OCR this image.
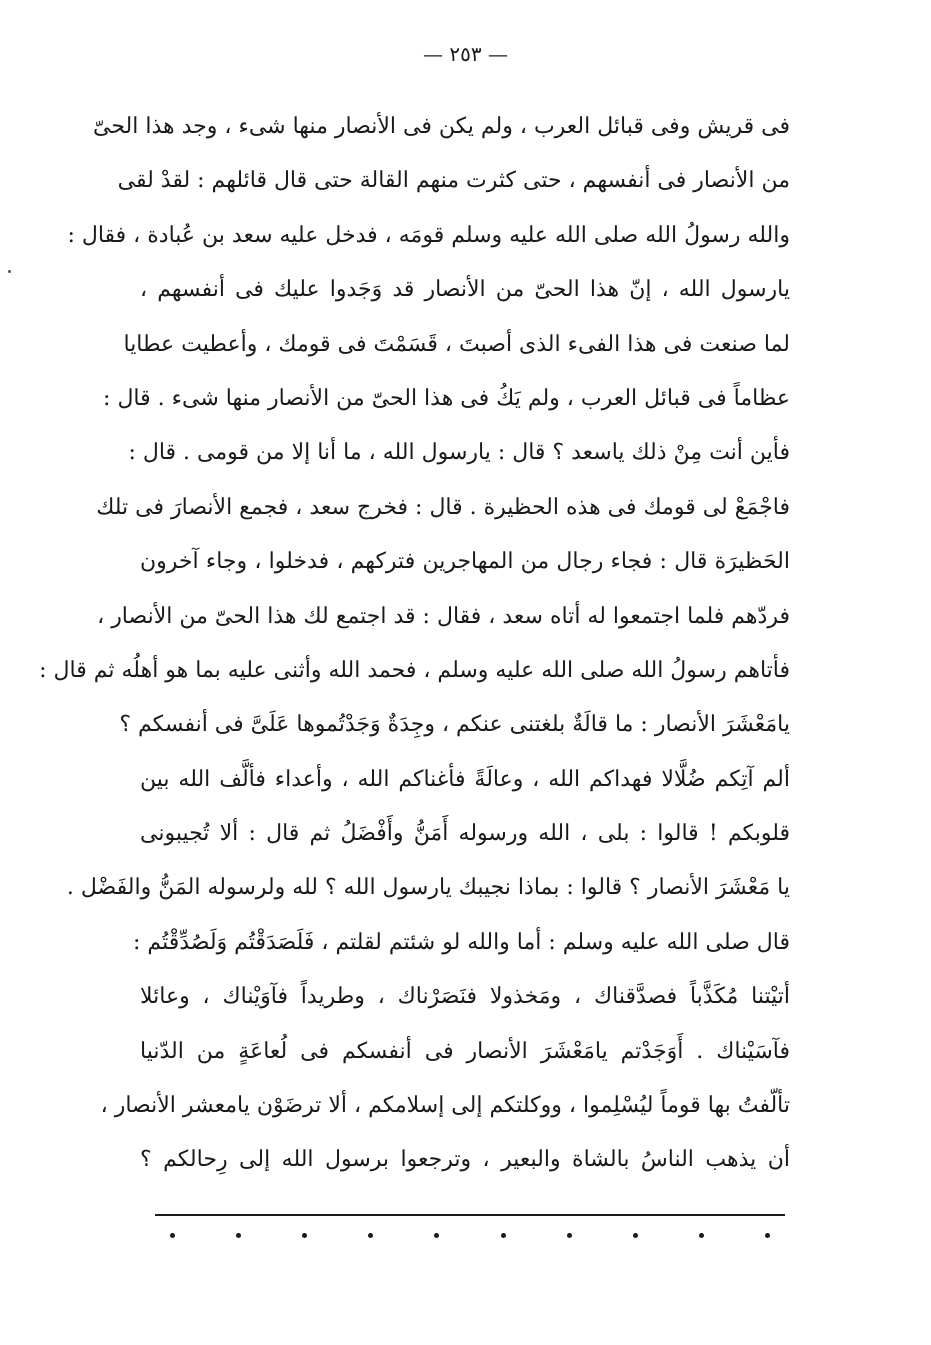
— ٢٥٣ —
فى قريش وفى قبائل العرب ، ولم يكن فى الأنصار منها شىء ، وجد هذا الحىّ
من الأنصار فى أنفسهم ، حتى كثرت منهم القالة حتى قال قائلهم : لقدْ لقى
والله رسولُ الله صلى الله عليه وسلم قومَه ، فدخل عليه سعد بن عُبادة ، فقال :
يارسول الله ، إنّ هذا الحىّ من الأنصار قد وَجَدوا عليك فى أنفسهم ،
لما صنعت فى هذا الفىء الذى أصبتَ ، قَسَمْتَ فى قومك ، وأعطيت عطايا
عظاماً فى قبائل العرب ، ولم يَكُ فى هذا الحىّ من الأنصار منها شىء . قال :
فأين أنت مِنْ ذلك ياسعد ؟ قال : يارسول الله ، ما أنا إلا من قومى . قال :
فاجْمَعْ لى قومك فى هذه الحظيرة . قال : فخرج سعد ، فجمع الأنصارَ فى تلك
الحَظيرَة قال : فجاء رجال من المهاجرين فتركهم ، فدخلوا ، وجاء آخرون
فردّهم فلما اجتمعوا له أتاه سعد ، فقال : قد اجتمع لك هذا الحىّ من الأنصار ،
فأتاهم رسولُ الله صلى الله عليه وسلم ، فحمد الله وأثنى عليه بما هو أهلُه ثم قال :
يامَعْشَرَ الأنصار : ما قالَةٌ بلغتنى عنكم ، وجِدَةٌ وَجَدْتُموها عَلَىَّ فى أنفسكم ؟
ألم آتِكم ضُلَّالا فهداكم الله ، وعالَةً فأغناكم الله ، وأعداء فألَّف الله بين
قلوبكم ! قالوا : بلى ، الله ورسوله أَمَنُّ وأَفْضَلُ ثم قال : ألا تُجيبونى
يا مَعْشَرَ الأنصار ؟ قالوا : بماذا نجيبك يارسول الله ؟ لله ولرسوله المَنُّ والفَضْل .
قال صلى الله عليه وسلم : أما والله لو شئتم لقلتم ، فَلَصَدَقْتُم وَلَصُدِّقْتُم :
أتيْتنا مُكَذَّباً فصدَّقناك ، ومَخذولا فنَصَرْناك ، وطريداً فآوَيْناك ، وعائلا
فآسَيْناك . أَوَجَدْتم يامَعْشَرَ الأنصار فى أنفسكم فى لُعاعَةٍ من الدّنيا
تألّفتُ بها قوماً ليُسْلِموا ، ووكلتكم إلى إسلامكم ، ألا ترضَوْن يامعشر الأنصار ،
أن يذهب الناسُ بالشاة والبعير ، وترجعوا برسول الله إلى رِحالكم ؟
